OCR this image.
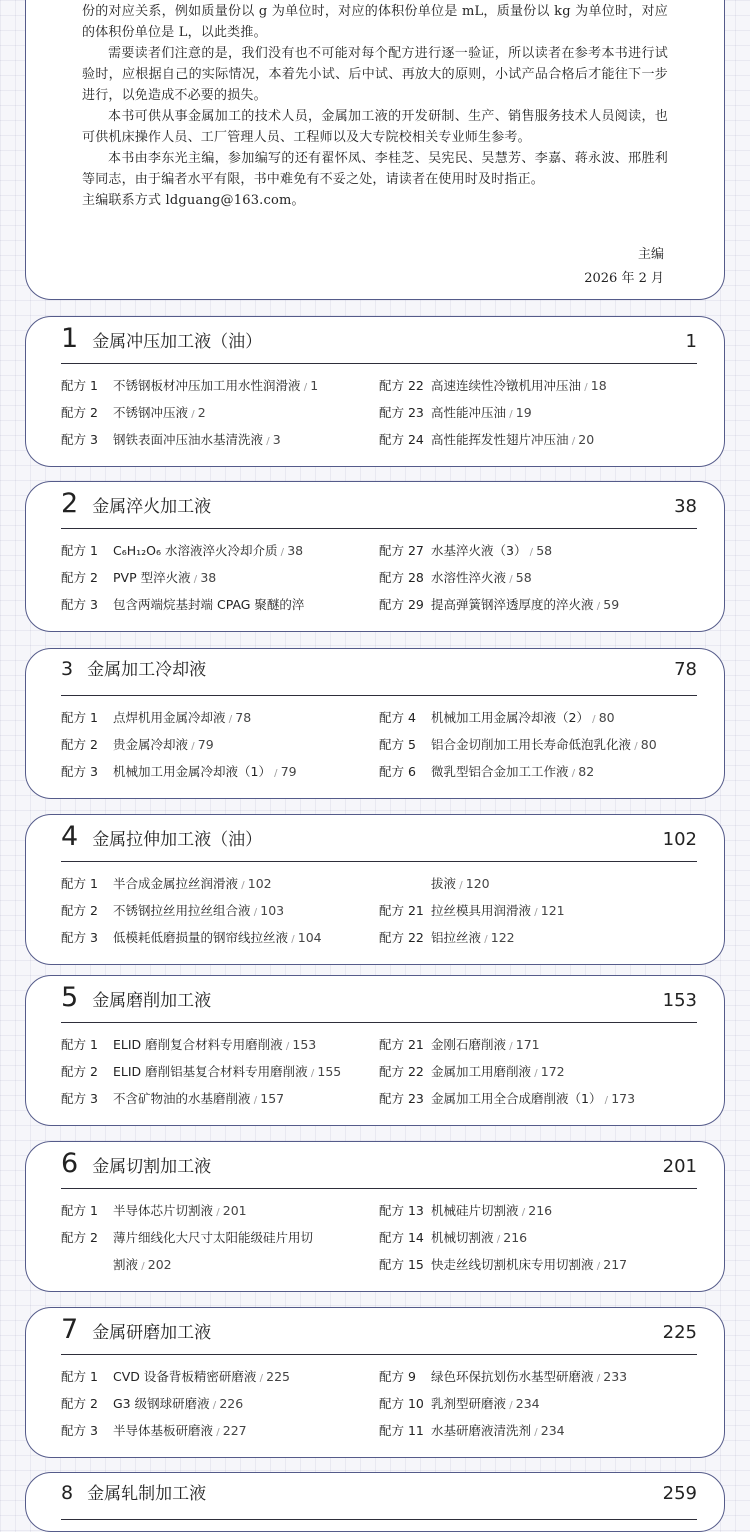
份的对应关系，例如质量份以 g 为单位时，对应的体积份单位是 mL，质量份以 kg 为单位时，对应的体积份单位是 L，以此类推。

需要读者们注意的是，我们没有也不可能对每个配方进行逐一验证，所以读者在参考本书进行试验时，应根据自己的实际情况，本着先小试、后中试、再放大的原则，小试产品合格后才能往下一步进行，以免造成不必要的损失。

本书可供从事金属加工的技术人员，金属加工液的开发研制、生产、销售服务技术人员阅读，也可供机床操作人员、工厂管理人员、工程师以及大专院校相关专业师生参考。

本书由李东光主编，参加编写的还有翟怀凤、李桂芝、吴宪民、吴慧芳、李嘉、蒋永波、邢胜利等同志，由于编者水平有限，书中难免有不妥之处，请读者在使用时及时指正。

主编联系方式 ldguang@163.com。

主编
2026 年 2 月
1 金属冲压加工液（油）	1
配方 1 不锈钢板材冲压加工用水性润滑液 / 1
配方 2 不锈钢冲压液 / 2
配方 3 钢铁表面冲压油水基清洗液 / 3
配方 22 高速连续性冷镦机用冲压油 / 18
配方 23 高性能冲压油 / 19
配方 24 高性能挥发性翅片冲压油 / 20
2 金属淬火加工液	38
配方 1 C₆H₁₂O₆ 水溶液淬火冷却介质 / 38
配方 2 PVP 型淬火液 / 38
配方 3 包含两端烷基封端 CPAG 聚醚的淬
配方 27 水基淬火液（3） / 58
配方 28 水溶性淬火液 / 58
配方 29 提高弹簧钢淬透厚度的淬火液 / 59
3 金属加工冷却液	78
配方 1 点焊机用金属冷却液 / 78
配方 2 贵金属冷却液 / 79
配方 3 机械加工用金属冷却液（1） / 79
配方 4 机械加工用金属冷却液（2） / 80
配方 5 铝合金切削加工用长寿命低泡乳化液 / 80
配方 6 微乳型铝合金加工工作液 / 82
4 金属拉伸加工液（油）	102
配方 1 半合成金属拉丝润滑液 / 102
配方 2 不锈钢拉丝用拉丝组合液 / 103
配方 3 低模耗低磨损量的钢帘线拉丝液 / 104
拔液 / 120
配方 21 拉丝模具用润滑液 / 121
配方 22 铝拉丝液 / 122
5 金属磨削加工液	153
配方 1 ELID 磨削复合材料专用磨削液 / 153
配方 2 ELID 磨削铝基复合材料专用磨削液 / 155
配方 3 不含矿物油的水基磨削液 / 157
配方 21 金刚石磨削液 / 171
配方 22 金属加工用磨削液 / 172
配方 23 金属加工用全合成磨削液（1） / 173
6 金属切割加工液	201
配方 1 半导体芯片切割液 / 201
配方 2 薄片细线化大尺寸太阳能级硅片用切
割液 / 202
配方 13 机械硅片切割液 / 216
配方 14 机械切割液 / 216
配方 15 快走丝线切割机床专用切割液 / 217
7 金属研磨加工液	225
配方 1 CVD 设备背板精密研磨液 / 225
配方 2 G3 级钢球研磨液 / 226
配方 3 半导体基板研磨液 / 227
配方 9 绿色环保抗划伤水基型研磨液 / 233
配方 10 乳剂型研磨液 / 234
配方 11 水基研磨液清洗剂 / 234
8 金属轧制加工液	259
